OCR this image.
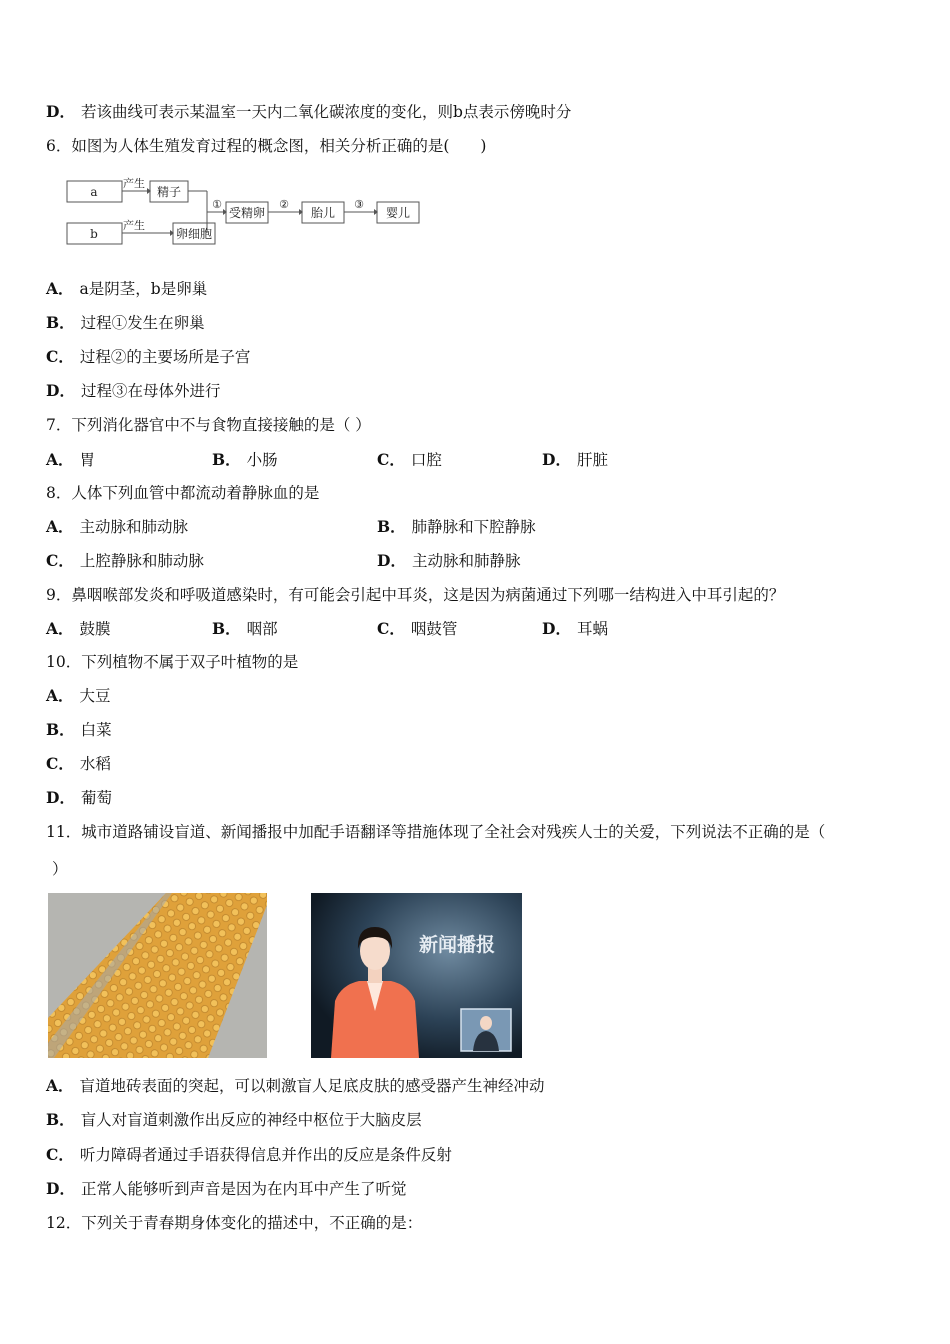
D． 若该曲线可表示某温室一天内二氧化碳浓度的变化，则b点表示傍晚时分
6．如图为人体生殖发育过程的概念图，相关分析正确的是(　　)
a
b
精子
卵细胞
受精卵	胎儿	婴儿
产生
产生
①	②	③
A． a是阴茎，b是卵巢
B． 过程①发生在卵巢
C． 过程②的主要场所是子宫
D． 过程③在母体外进行
7．下列消化器官中不与食物直接接触的是（ ）
A． 胃	B． 小肠	C． 口腔	D． 肝脏
8．人体下列血管中都流动着静脉血的是
A． 主动脉和肺动脉	B． 肺静脉和下腔静脉
C． 上腔静脉和肺动脉	D． 主动脉和肺静脉
9．鼻咽喉部发炎和呼吸道感染时，有可能会引起中耳炎，这是因为病菌通过下列哪一结构进入中耳引起的？
A． 鼓膜	B． 咽部	C． 咽鼓管	D． 耳蜗
10．下列植物不属于双子叶植物的是
A． 大豆
B． 白菜
C． 水稻
D． 葡萄
11．城市道路铺设盲道、新闻播报中加配手语翻译等措施体现了全社会对残疾人士的关爱，下列说法不正确的是（
）
新闻播报
A． 盲道地砖表面的突起，可以刺激盲人足底皮肤的感受器产生神经冲动
B． 盲人对盲道刺激作出反应的神经中枢位于大脑皮层
C． 听力障碍者通过手语获得信息并作出的反应是条件反射
D． 正常人能够听到声音是因为在内耳中产生了听觉
12．下列关于青春期身体变化的描述中，不正确的是：
